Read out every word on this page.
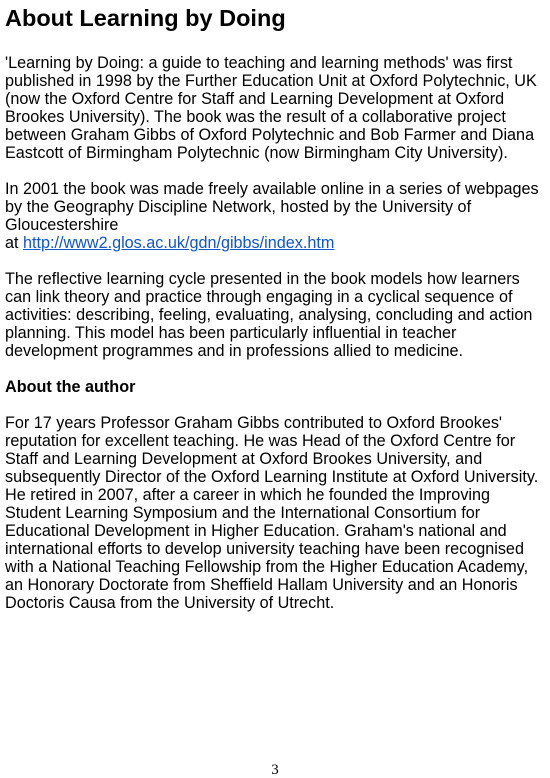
About Learning by Doing

'Learning by Doing: a guide to teaching and learning methods' was first published in 1998 by the Further Education Unit at Oxford Polytechnic, UK (now the Oxford Centre for Staff and Learning Development at Oxford Brookes University). The book was the result of a collaborative project between Graham Gibbs of Oxford Polytechnic and Bob Farmer and Diana Eastcott of Birmingham Polytechnic (now Birmingham City University).

In 2001 the book was made freely available online in a series of webpages by the Geography Discipline Network, hosted by the University of Gloucestershire
at http://www2.glos.ac.uk/gdn/gibbs/index.htm

The reflective learning cycle presented in the book models how learners can link theory and practice through engaging in a cyclical sequence of activities: describing, feeling, evaluating, analysing, concluding and action planning. This model has been particularly influential in teacher development programmes and in professions allied to medicine.

About the author

For 17 years Professor Graham Gibbs contributed to Oxford Brookes' reputation for excellent teaching. He was Head of the Oxford Centre for Staff and Learning Development at Oxford Brookes University, and subsequently Director of the Oxford Learning Institute at Oxford University. He retired in 2007, after a career in which he founded the Improving Student Learning Symposium and the International Consortium for Educational Development in Higher Education. Graham's national and international efforts to develop university teaching have been recognised with a National Teaching Fellowship from the Higher Education Academy, an Honorary Doctorate from Sheffield Hallam University and an Honoris Doctoris Causa from the University of Utrecht.

3
